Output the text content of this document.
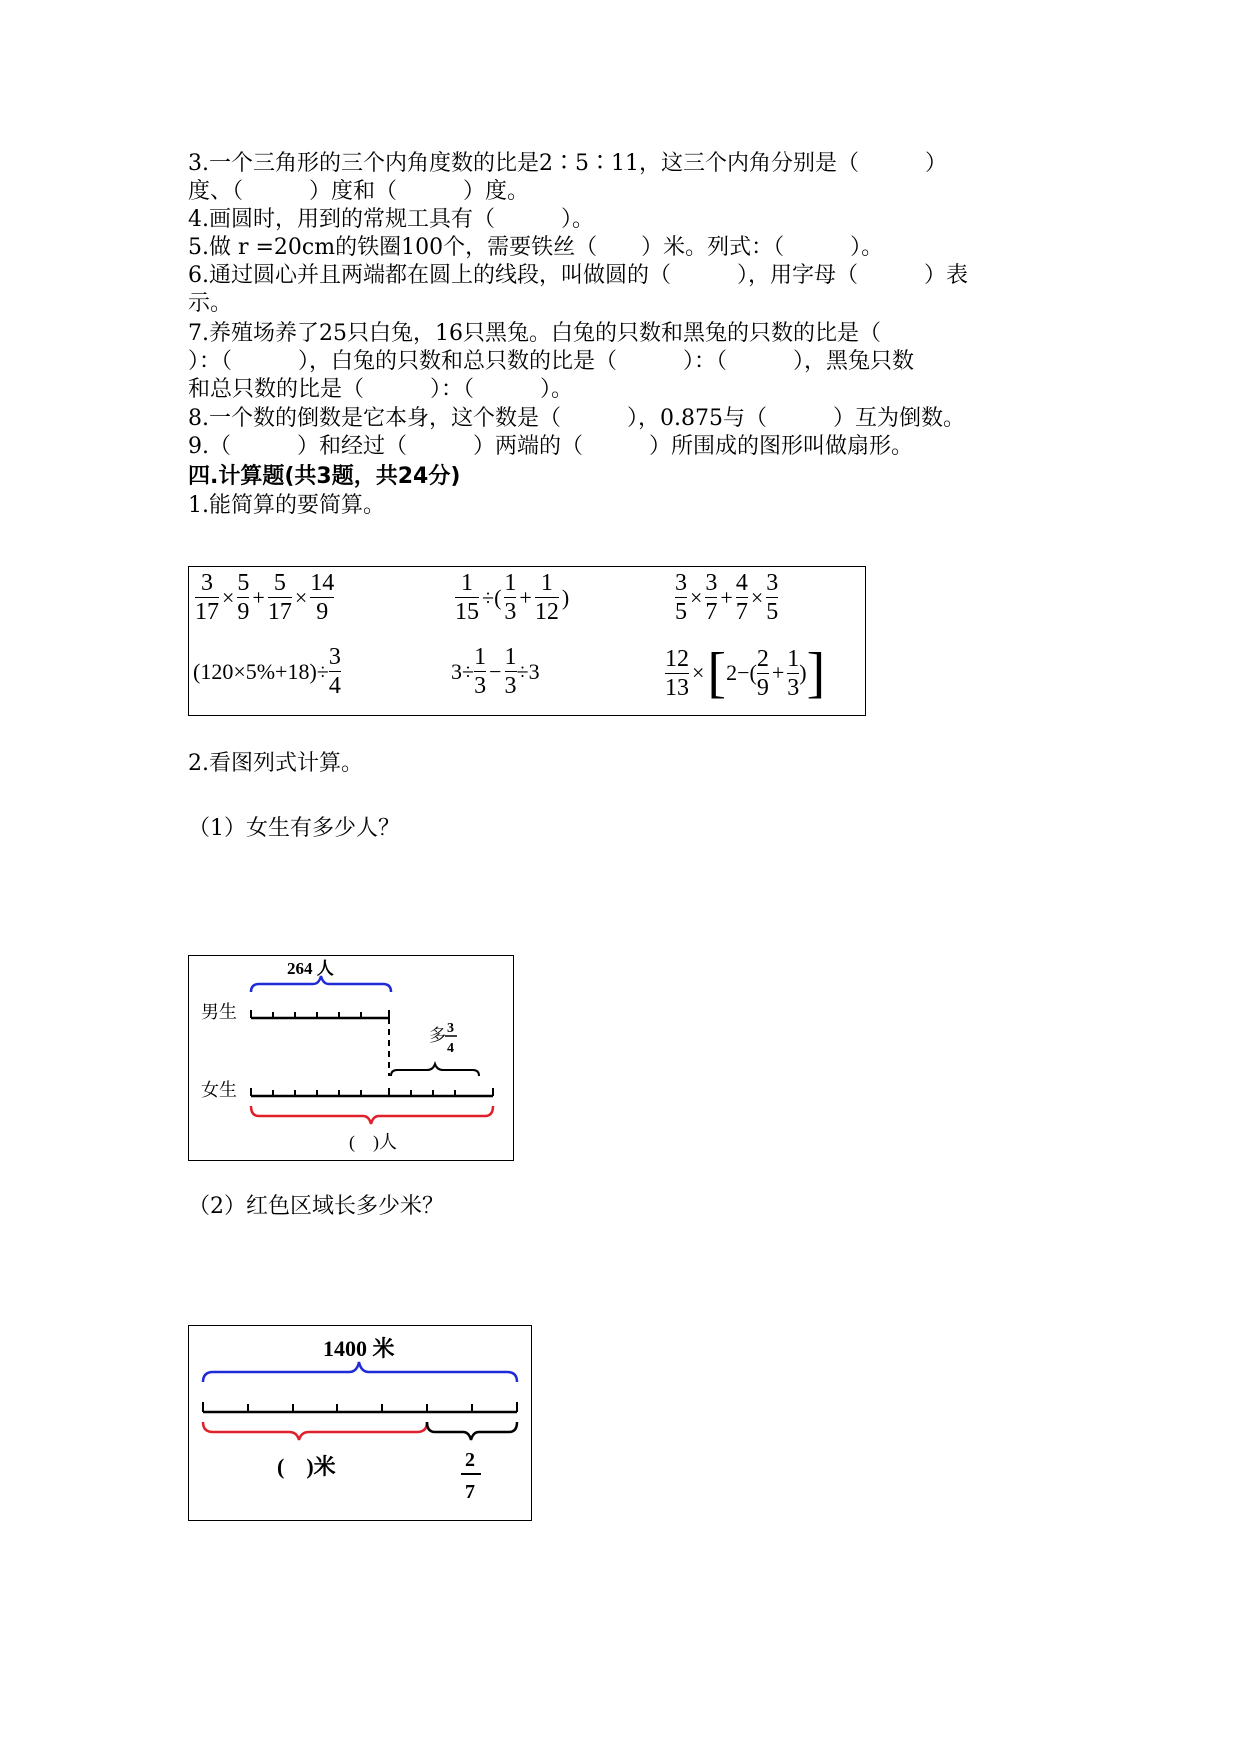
3.一个三角形的三个内角度数的比是2∶5∶11，这三个内角分别是（　　　）
度、（　　　）度和（　　　）度。
4.画圆时，用到的常规工具有（　　　）。
5.做 r =20cm的铁圈100个，需要铁丝（　　）米。列式：（　　　）。
6.通过圆心并且两端都在圆上的线段，叫做圆的（　　　），用字母（　　　）表
示。
7.养殖场养了25只白兔，16只黑兔。白兔的只数和黑兔的只数的比是（
）：（　　　），白兔的只数和总只数的比是（　　　）：（　　　），黑兔只数
和总只数的比是（　　　）：（　　　）。
8.一个数的倒数是它本身，这个数是（　　　），0.875与（　　　）互为倒数。
9.（　　　）和经过（　　　）两端的（　　　）所围成的图形叫做扇形。
四.计算题(共3题，共24分)
1.能简算的要简算。
$\frac{3}{17} \times \frac{5}{9} + \frac{5}{17} \times \frac{14}{9}$	$\frac{1}{15}$ ÷( $\frac{1}{3} + \frac{1}{12}$ )	$\frac{3}{5} \times \frac{3}{7} + \frac{4}{7} \times \frac{3}{5}$
$(120\times 5\%+18)\div \frac{3}{4}$	$3\div \frac{1}{3} - \frac{1}{3} \div 3$	$\frac{12}{13}$ × [ $2-( \frac{2}{9} + \frac{1}{3}$ ) ]
2.看图列式计算。
（1）女生有多少人？
264 人
男生
多 3
4
女生
(　)人
（2）红色区域长多少米？
1400 米
(　)米	2
7
